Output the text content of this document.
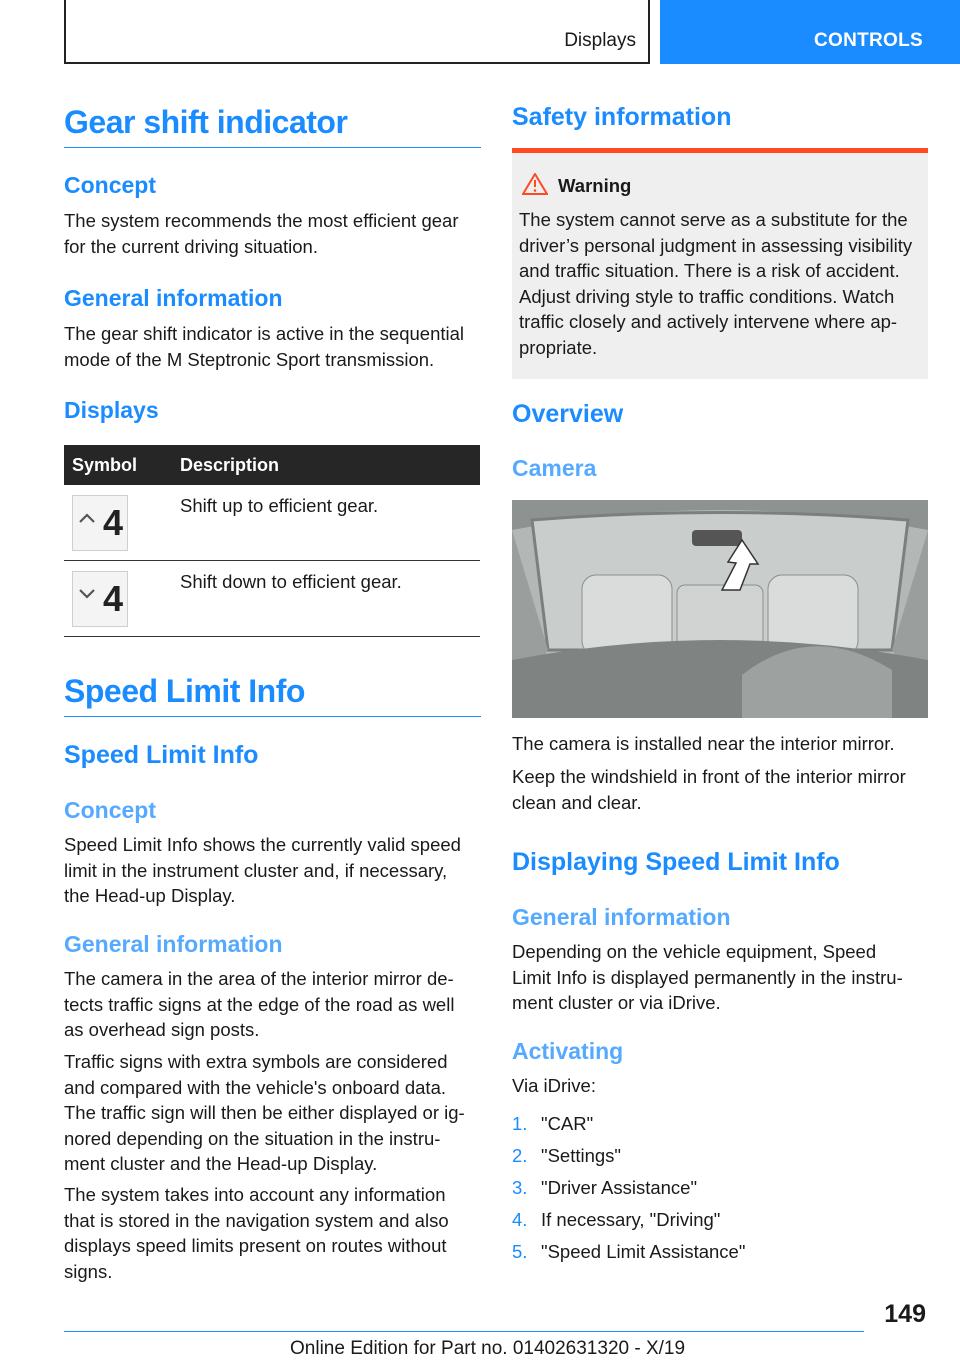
Displays	CONTROLS
Gear shift indicator
Concept
The system recommends the most efficient gear
for the current driving situation.
General information
The gear shift indicator is active in the sequential
mode of the M Steptronic Sport transmission.
Displays
Symbol	Description

4	Shift up to efficient gear.

4	Shift down to efficient gear.
Speed Limit Info
Speed Limit Info
Concept
Speed Limit Info shows the currently valid speed
limit in the instrument cluster and, if necessary,
the Head-up Display.
General information
The camera in the area of the interior mirror de‐
tects traffic signs at the edge of the road as well
as overhead sign posts.
Traffic signs with extra symbols are considered
and compared with the vehicle's onboard data.
The traffic sign will then be either displayed or ig‐
nored depending on the situation in the instru‐
ment cluster and the Head-up Display.
The system takes into account any information
that is stored in the navigation system and also
displays speed limits present on routes without
signs.
Safety information
Warning
The system cannot serve as a substitute for the
driver’s personal judgment in assessing visibility
and traffic situation. There is a risk of accident.
Adjust driving style to traffic conditions. Watch
traffic closely and actively intervene where ap‐
propriate.
Overview
Camera
The camera is installed near the interior mirror.
Keep the windshield in front of the interior mirror
clean and clear.
Displaying Speed Limit Info
General information
Depending on the vehicle equipment, Speed
Limit Info is displayed permanently in the instru‐
ment cluster or via iDrive.
Activating
Via iDrive:
1. "CAR"
2. "Settings"
3. "Driver Assistance"
4. If necessary, "Driving"
5. "Speed Limit Assistance"
149
Online Edition for Part no. 01402631320 - X/19
